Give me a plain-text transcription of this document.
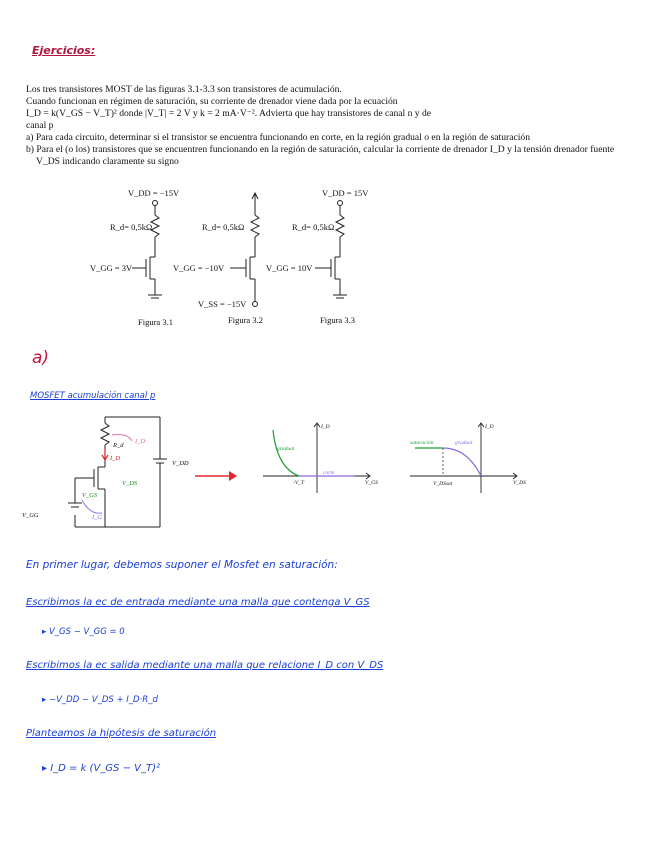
Ejercicios:

Los tres transistores MOST de las figuras 3.1-3.3 son transistores de acumulación.

Cuando funcionan en régimen de saturación, su corriente de drenador viene dada por la ecuación

I_D = k(V_GS − V_T)² donde |V_T| = 2 V y k = 2 mA·V⁻². Advierta que hay transistores de canal n y de

canal p

a) Para cada circuito, determinar si el transistor se encuentra funcionando en corte, en la región gradual o en la región de saturación

b) Para el (o los) transistores que se encuentren funcionando en la región de saturación, calcular la corriente de drenador I_D y la tensión drenador fuente V_DS indicando claramente su signo

V_DD = −15V
R_d= 0,5kΩ
V_GG = 3V
Figura 3.1
R_d= 0,5kΩ
V_GG = −10V
V_SS = −15V
Figura 3.2
V_DD = 15V
R_d= 0,5kΩ
V_GG = 10V
Figura 3.3
a)
MOSFET acumulación canal p
R_d
I_D
I_D
V_DS
V_DD
V_GS
V_GG	I_G
I_D
V_GS
gradual
corte
-V_T
I_D
V_DS
saturación	gradual
V_DSsat
En primer lugar, debemos suponer el Mosfet en saturación:
Escribimos la ec de entrada mediante una malla que contenga V_GS
▸ V_GS − V_GG = 0
Escribimos la ec salida mediante una malla que relacione I_D con V_DS
▸ −V_DD − V_DS + I_D·R_d
Planteamos la hipótesis de saturación
▸ I_D = k (V_GS − V_T)²
